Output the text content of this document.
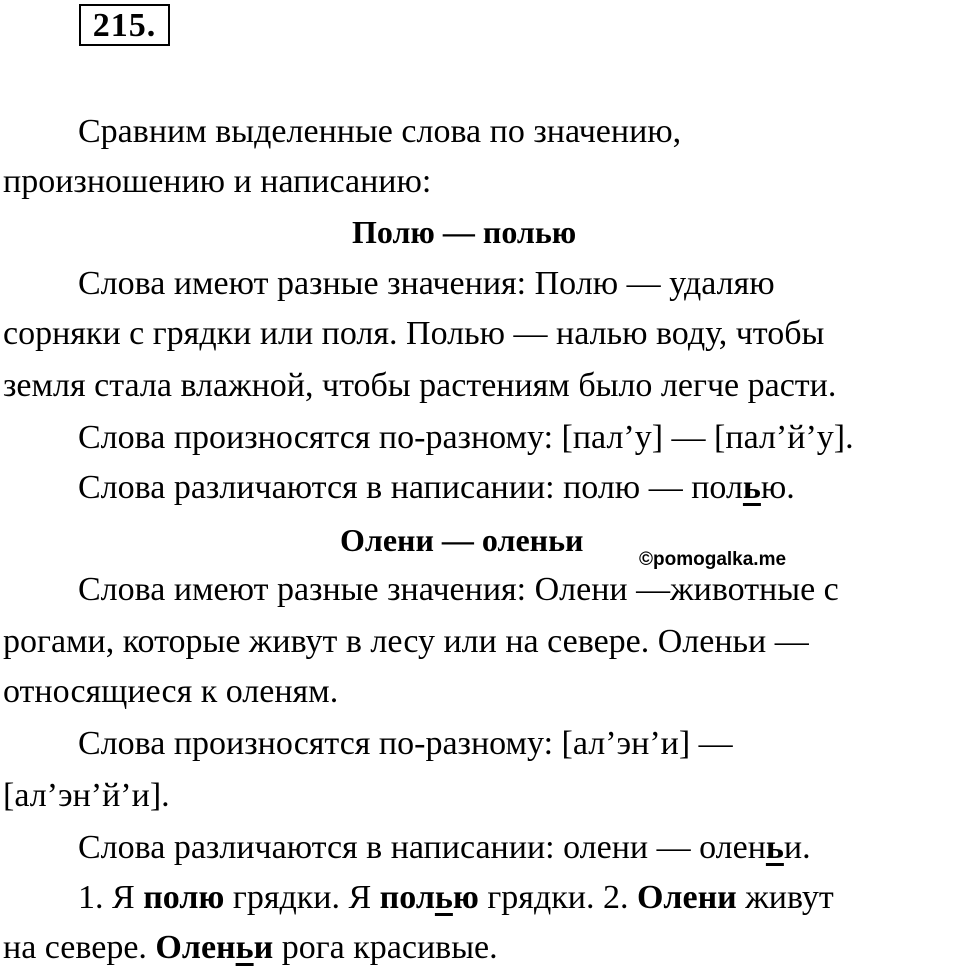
215.
Сравним выделенные слова по значению,
произношению и написанию:
Полю — полью
Слова имеют разные значения: Полю — удаляю
сорняки с грядки или поля. Полью — налью воду, чтобы
земля стала влажной, чтобы растениям было легче расти.
Слова произносятся по-разному: [пал’у] — [пал’й’у].
Слова различаются в написании: полю — полью.
Олени — оленьи
©pomogalka.me
Слова имеют разные значения: Олени —животные с
рогами, которые живут в лесу или на севере. Оленьи —
относящиеся к оленям.
Слова произносятся по-разному: [ал’эн’и] —
[ал’эн’й’и].
Слова различаются в написании: олени — оленьи.
1. Я полю грядки. Я полью грядки. 2. Олени живут
на севере. Оленьи рога красивые.
